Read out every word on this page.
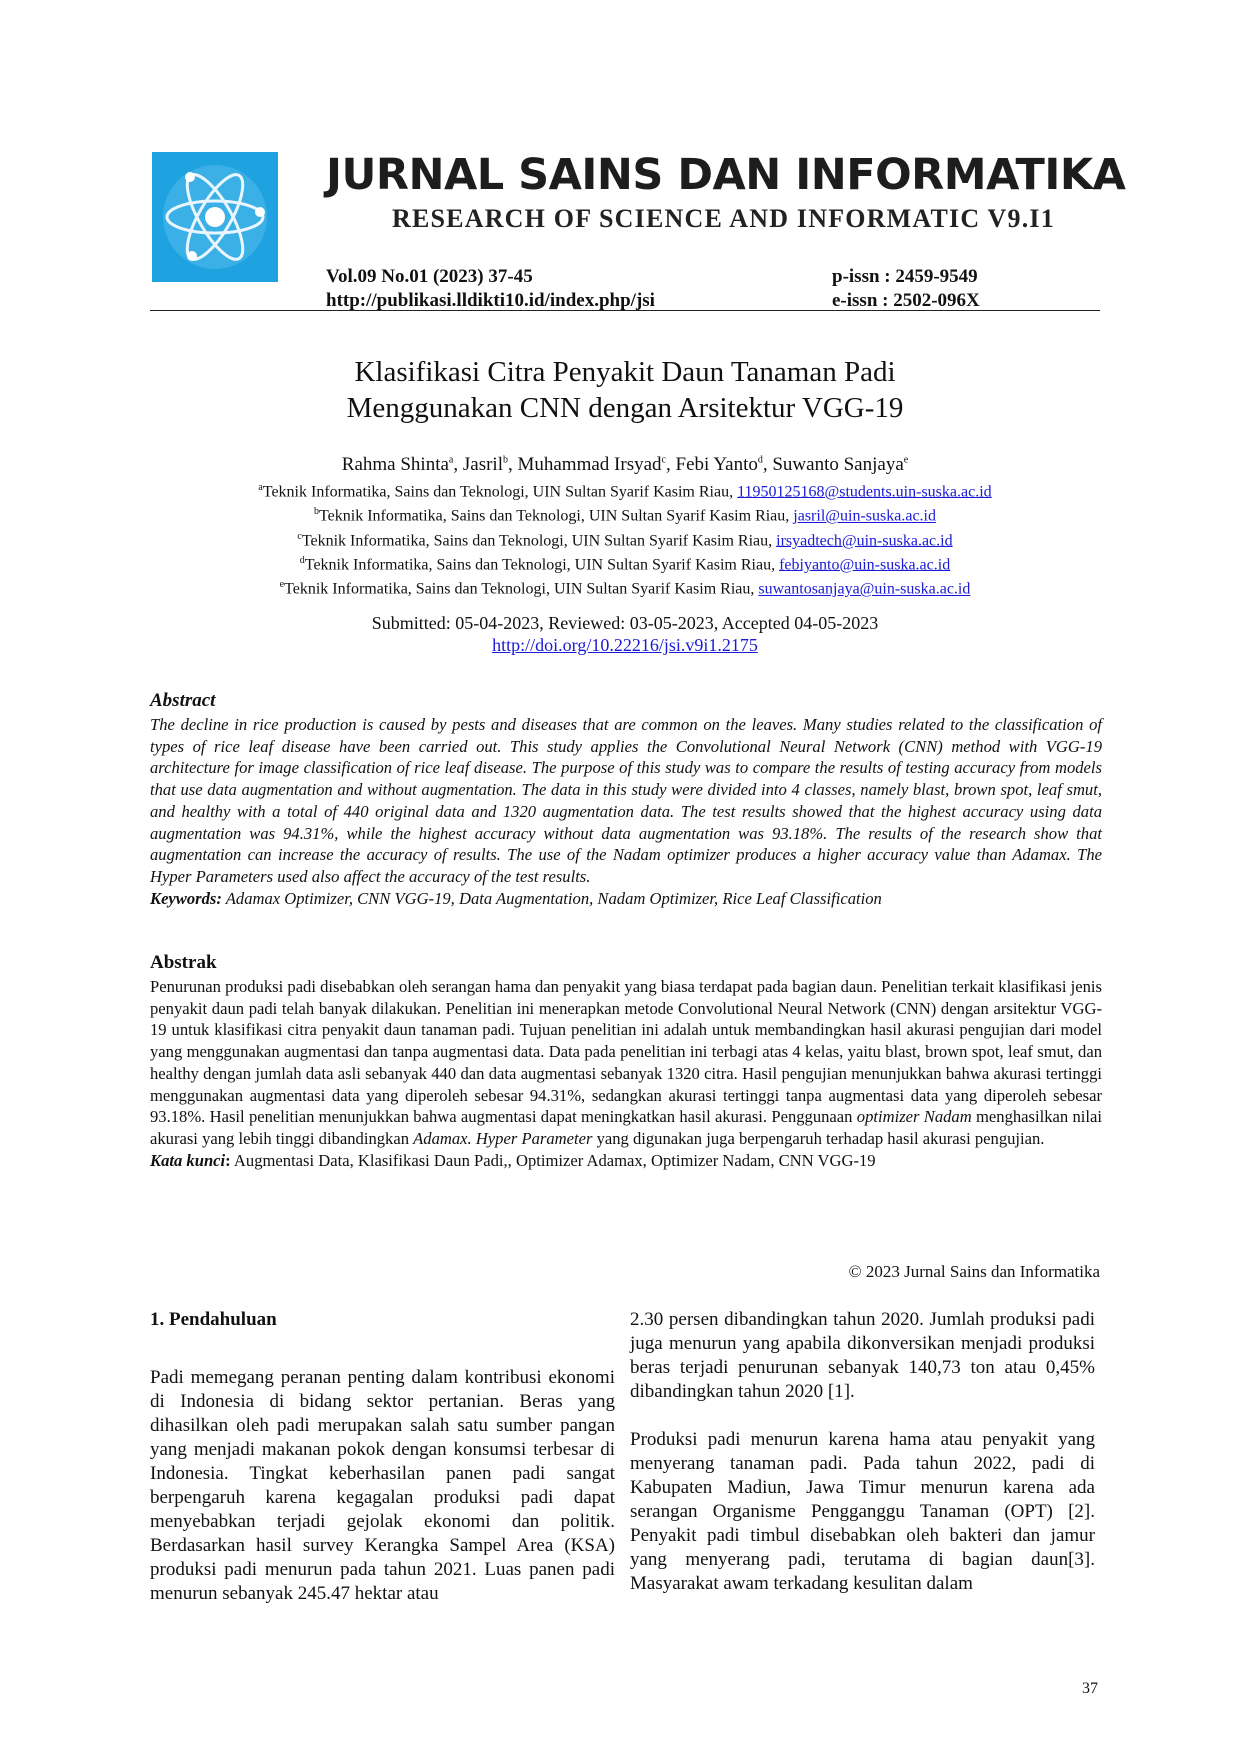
JURNAL SAINS DAN INFORMATIKA
RESEARCH OF SCIENCE AND INFORMATIC V9.I1
Vol.09 No.01 (2023) 37-45
http://publikasi.lldikti10.id/index.php/jsi
p-issn : 2459-9549
e-issn : 2502-096X
Klasifikasi Citra Penyakit Daun Tanaman Padi
Menggunakan CNN dengan Arsitektur VGG-19
Rahma Shinta$^a$, Jasril$^b$, Muhammad Irsyad$^c$, Febi Yanto$^d$, Suwanto Sanjaya$^e$
$^a$Teknik Informatika, Sains dan Teknologi, UIN Sultan Syarif Kasim Riau, 11950125168@students.uin-suska.ac.id
$^b$Teknik Informatika, Sains dan Teknologi, UIN Sultan Syarif Kasim Riau, jasril@uin-suska.ac.id
$^c$Teknik Informatika, Sains dan Teknologi, UIN Sultan Syarif Kasim Riau, irsyadtech@uin-suska.ac.id
$^d$Teknik Informatika, Sains dan Teknologi, UIN Sultan Syarif Kasim Riau, febiyanto@uin-suska.ac.id
$^e$Teknik Informatika, Sains dan Teknologi, UIN Sultan Syarif Kasim Riau, suwantosanjaya@uin-suska.ac.id
Submitted: 05-04-2023, Reviewed: 03-05-2023, Accepted 04-05-2023
http://doi.org/10.22216/jsi.v9i1.2175
Abstract
The decline in rice production is caused by pests and diseases that are common on the leaves. Many studies related to the classification of types of rice leaf disease have been carried out. This study applies the Convolutional Neural Network (CNN) method with VGG-19 architecture for image classification of rice leaf disease. The purpose of this study was to compare the results of testing accuracy from models that use data augmentation and without augmentation. The data in this study were divided into 4 classes, namely blast, brown spot, leaf smut, and healthy with a total of 440 original data and 1320 augmentation data. The test results showed that the highest accuracy using data augmentation was 94.31%, while the highest accuracy without data augmentation was 93.18%. The results of the research show that augmentation can increase the accuracy of results. The use of the Nadam optimizer produces a higher accuracy value than Adamax. The Hyper Parameters used also affect the accuracy of the test results.
Keywords: Adamax Optimizer, CNN VGG-19, Data Augmentation, Nadam Optimizer, Rice Leaf Classification
Abstrak
Penurunan produksi padi disebabkan oleh serangan hama dan penyakit yang biasa terdapat pada bagian daun. Penelitian terkait klasifikasi jenis penyakit daun padi telah banyak dilakukan. Penelitian ini menerapkan metode Convolutional Neural Network (CNN) dengan arsitektur VGG-19 untuk klasifikasi citra penyakit daun tanaman padi. Tujuan penelitian ini adalah untuk membandingkan hasil akurasi pengujian dari model yang menggunakan augmentasi dan tanpa augmentasi data. Data pada penelitian ini terbagi atas 4 kelas, yaitu blast, brown spot, leaf smut, dan healthy dengan jumlah data asli sebanyak 440 dan data augmentasi sebanyak 1320 citra. Hasil pengujian menunjukkan bahwa akurasi tertinggi menggunakan augmentasi data yang diperoleh sebesar 94.31%, sedangkan akurasi tertinggi tanpa augmentasi data yang diperoleh sebesar 93.18%. Hasil penelitian menunjukkan bahwa augmentasi dapat meningkatkan hasil akurasi. Penggunaan optimizer Nadam menghasilkan nilai akurasi yang lebih tinggi dibandingkan Adamax. Hyper Parameter yang digunakan juga berpengaruh terhadap hasil akurasi pengujian.
Kata kunci: Augmentasi Data, Klasifikasi Daun Padi,, Optimizer Adamax, Optimizer Nadam, CNN VGG-19
© 2023 Jurnal Sains dan Informatika
1. Pendahuluan

Padi memegang peranan penting dalam kontribusi ekonomi di Indonesia di bidang sektor pertanian. Beras yang dihasilkan oleh padi merupakan salah satu sumber pangan yang menjadi makanan pokok dengan konsumsi terbesar di Indonesia. Tingkat keberhasilan panen padi sangat berpengaruh karena kegagalan produksi padi dapat menyebabkan terjadi gejolak ekonomi dan politik. Berdasarkan hasil survey Kerangka Sampel Area (KSA) produksi padi menurun pada tahun 2021. Luas panen padi menurun sebanyak 245.47 hektar atau

2.30 persen dibandingkan tahun 2020. Jumlah produksi padi juga menurun yang apabila dikonversikan menjadi produksi beras terjadi penurunan sebanyak 140,73 ton atau 0,45% dibandingkan tahun 2020 [1].

Produksi padi menurun karena hama atau penyakit yang menyerang tanaman padi. Pada tahun 2022, padi di Kabupaten Madiun, Jawa Timur menurun karena ada serangan Organisme Pengganggu Tanaman (OPT) [2]. Penyakit padi timbul disebabkan oleh bakteri dan jamur yang menyerang padi, terutama di bagian daun[3]. Masyarakat awam terkadang kesulitan dalam

37
